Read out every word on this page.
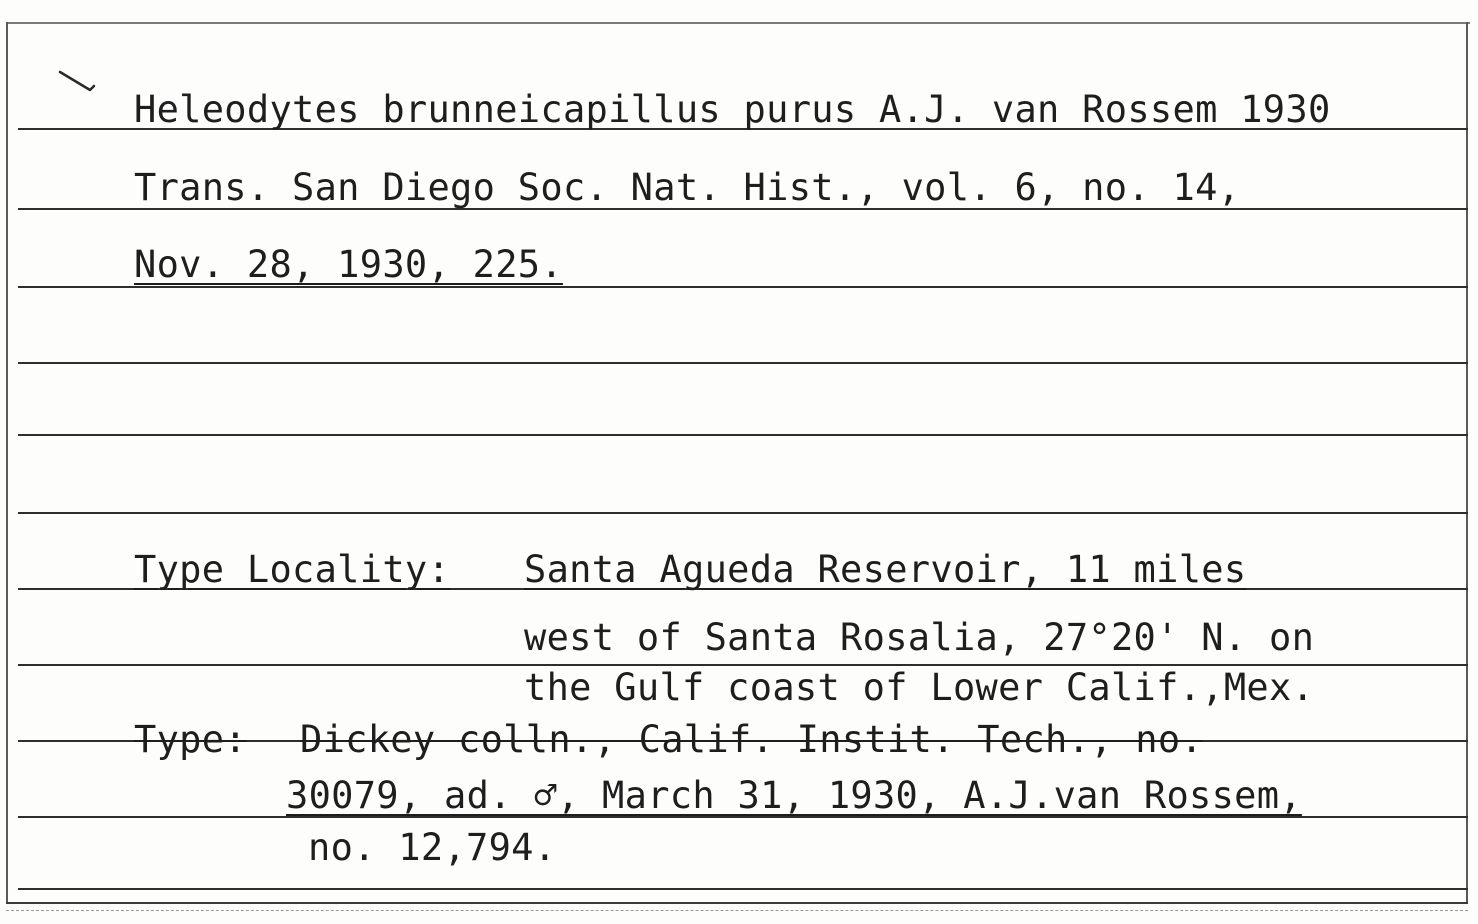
Heleodytes brunneicapillus purus A.J. van Rossem 1930
Trans. San Diego Soc. Nat. Hist., vol. 6, no. 14,
Nov. 28, 1930, 225.
Type Locality: Santa Agueda Reservoir, 11 miles
west of Santa Rosalia, 27°20' N. on
the Gulf coast of Lower Calif.,Mex.
Type: Dickey colln., Calif. Instit. Tech., no.
30079, ad. ♂, March 31, 1930, A.J.van Rossem,
no. 12,794.
